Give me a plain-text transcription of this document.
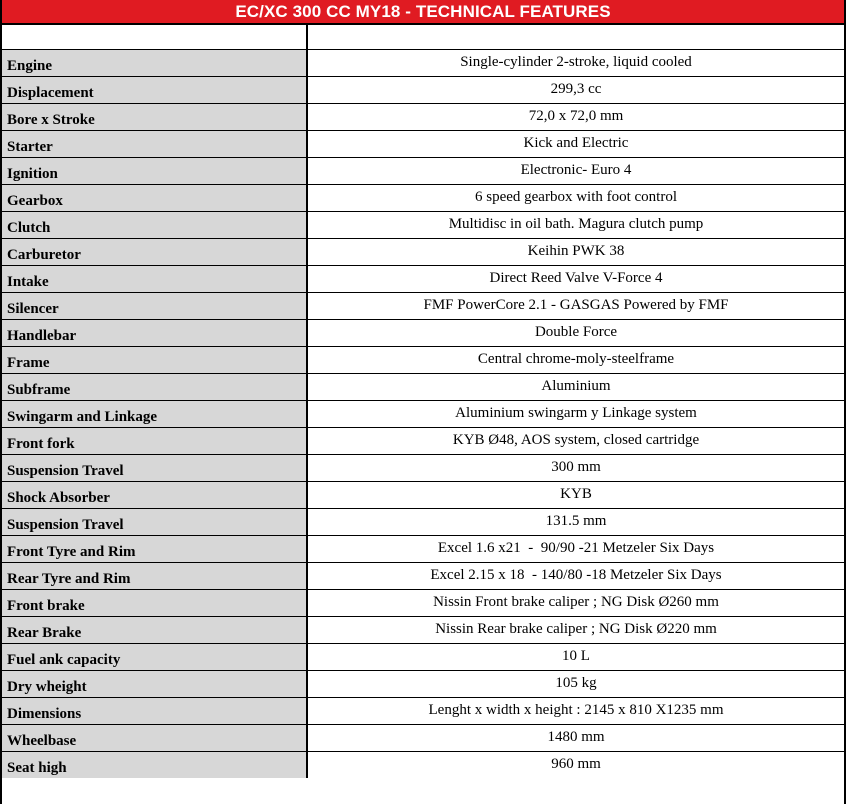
EC/XC 300 CC MY18 - TECHNICAL FEATURES

Engine	Single-cylinder 2-stroke, liquid cooled
Displacement	299,3 cc
Bore x Stroke	72,0 x 72,0 mm
Starter	Kick and Electric
Ignition	Electronic- Euro 4
Gearbox	6 speed gearbox with foot control
Clutch	Multidisc in oil bath. Magura clutch pump
Carburetor	Keihin PWK 38
Intake	Direct Reed Valve V-Force 4
Silencer	FMF PowerCore 2.1 - GASGAS Powered by FMF
Handlebar	Double Force
Frame	Central chrome-moly-steelframe
Subframe	Aluminium
Swingarm and Linkage	Aluminium swingarm y Linkage system
Front fork	KYB Ø48, AOS system, closed cartridge
Suspension Travel	300 mm
Shock Absorber	KYB
Suspension Travel	131.5 mm
Front Tyre and Rim	Excel 1.6 x21  -  90/90 -21 Metzeler Six Days
Rear Tyre and Rim	Excel 2.15 x 18  - 140/80 -18 Metzeler Six Days
Front brake	Nissin Front brake caliper ; NG Disk Ø260 mm
Rear Brake	Nissin Rear brake caliper ; NG Disk Ø220 mm
Fuel ank capacity	10 L
Dry wheight	105 kg
Dimensions	Lenght x width x height : 2145 x 810 X1235 mm
Wheelbase	1480 mm
Seat high	960 mm
